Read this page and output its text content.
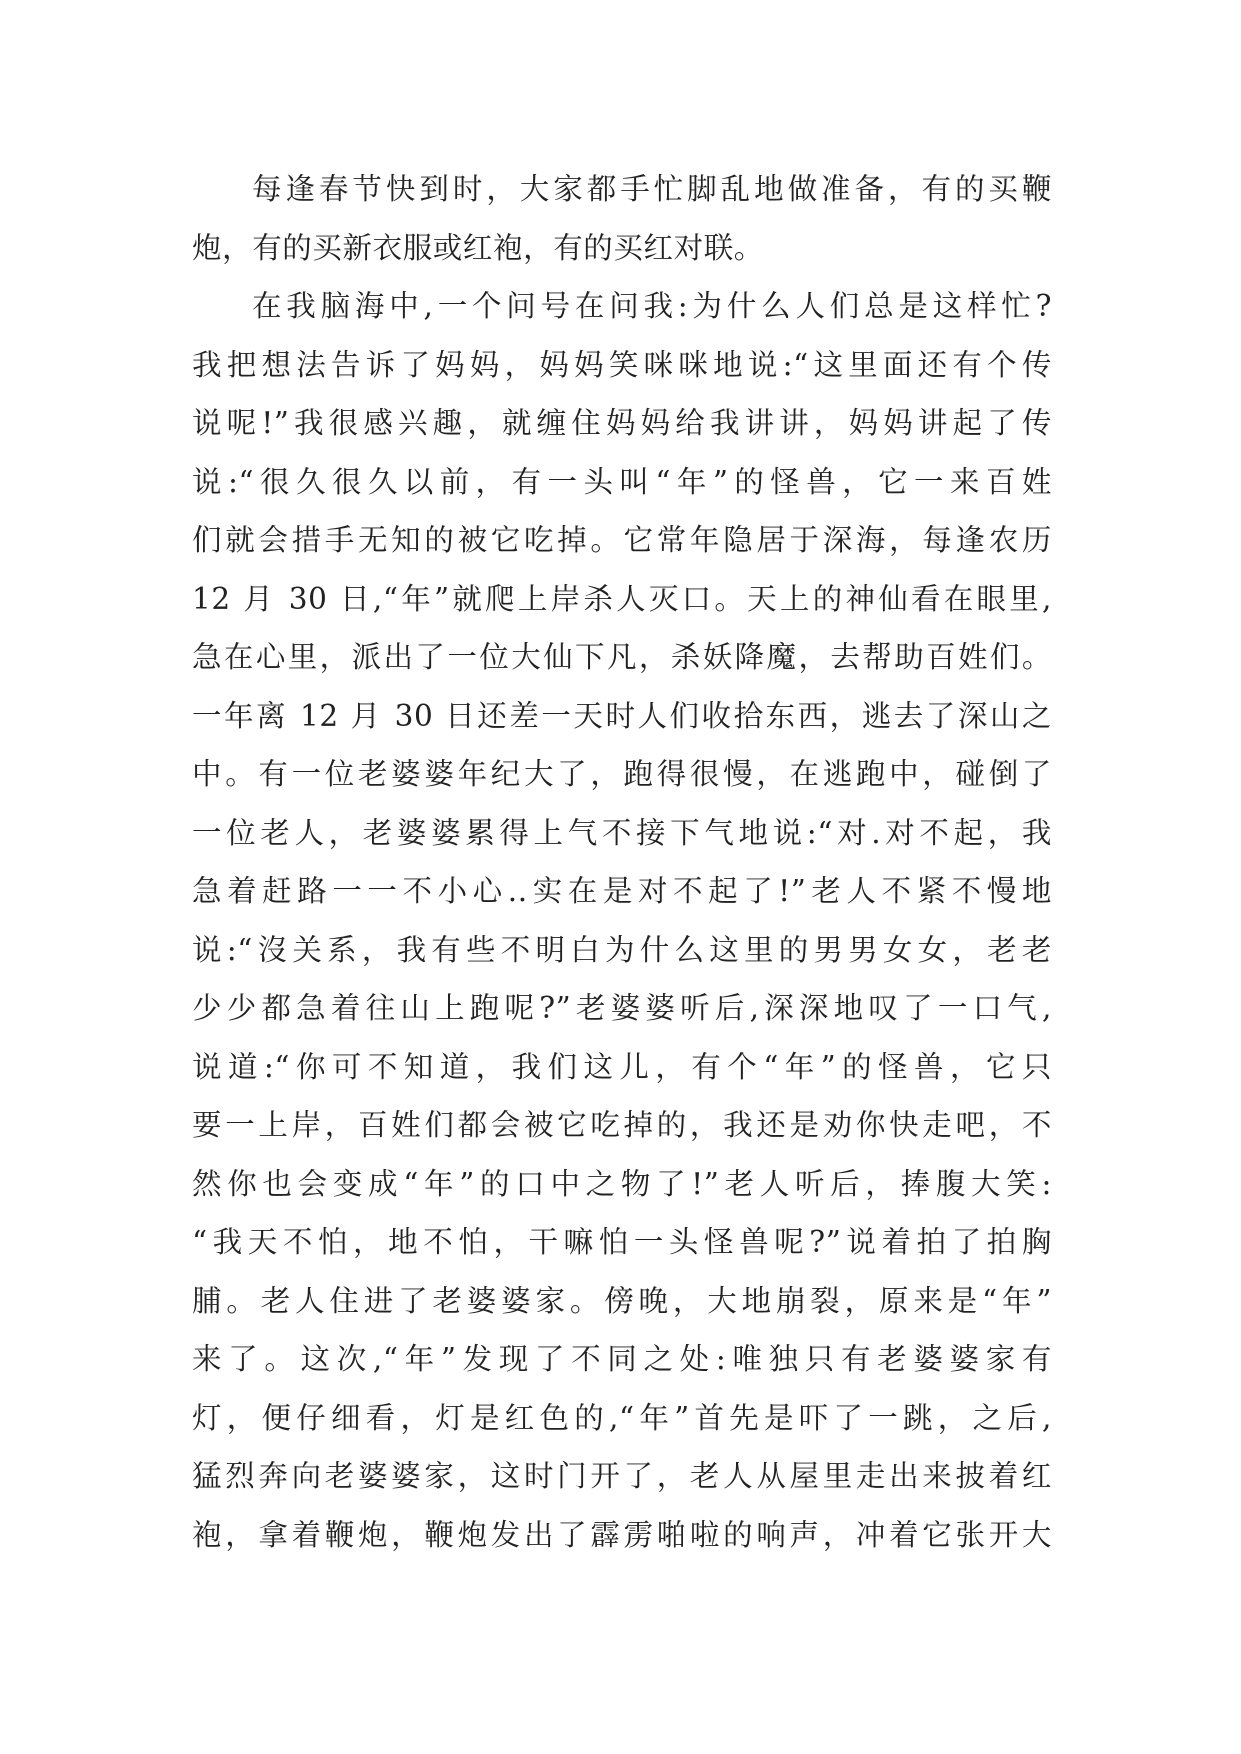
每逢春节快到时，大家都手忙脚乱地做准备，有的买鞭
炮，有的买新衣服或红袍，有的买红对联。
在我脑海中,一个问号在问我:为什么人们总是这样忙?
我把想法告诉了妈妈，妈妈笑咪咪地说:“这里面还有个传
说呢!”我很感兴趣，就缠住妈妈给我讲讲，妈妈讲起了传
说:“很久很久以前，有一头叫“年”的怪兽，它一来百姓
们就会措手无知的被它吃掉。它常年隐居于深海，每逢农历
12 月 30 日,“年”就爬上岸杀人灭口。天上的神仙看在眼里,
急在心里，派出了一位大仙下凡，杀妖降魔，去帮助百姓们。
一年离 12 月 30 日还差一天时人们收拾东西，逃去了深山之
中。有一位老婆婆年纪大了，跑得很慢，在逃跑中，碰倒了
一位老人，老婆婆累得上气不接下气地说:“对.对不起，我
急着赶路一一不小心..实在是对不起了!”老人不紧不慢地
说:“沒关系，我有些不明白为什么这里的男男女女，老老
少少都急着往山上跑呢?”老婆婆听后,深深地叹了一口气,
说道:“你可不知道，我们这儿，有个“年”的怪兽，它只
要一上岸，百姓们都会被它吃掉的，我还是劝你快走吧，不
然你也会变成“年”的口中之物了!”老人听后，捧腹大笑:
“我天不怕，地不怕，干嘛怕一头怪兽呢?”说着拍了拍胸
脯。老人住进了老婆婆家。傍晚，大地崩裂，原来是“年”
来了。这次,“年”发现了不同之处:唯独只有老婆婆家有
灯，便仔细看，灯是红色的,“年”首先是吓了一跳，之后,
猛烈奔向老婆婆家，这时门开了，老人从屋里走出来披着红
袍，拿着鞭炮，鞭炮发出了霹雳啪啦的响声，冲着它张开大
